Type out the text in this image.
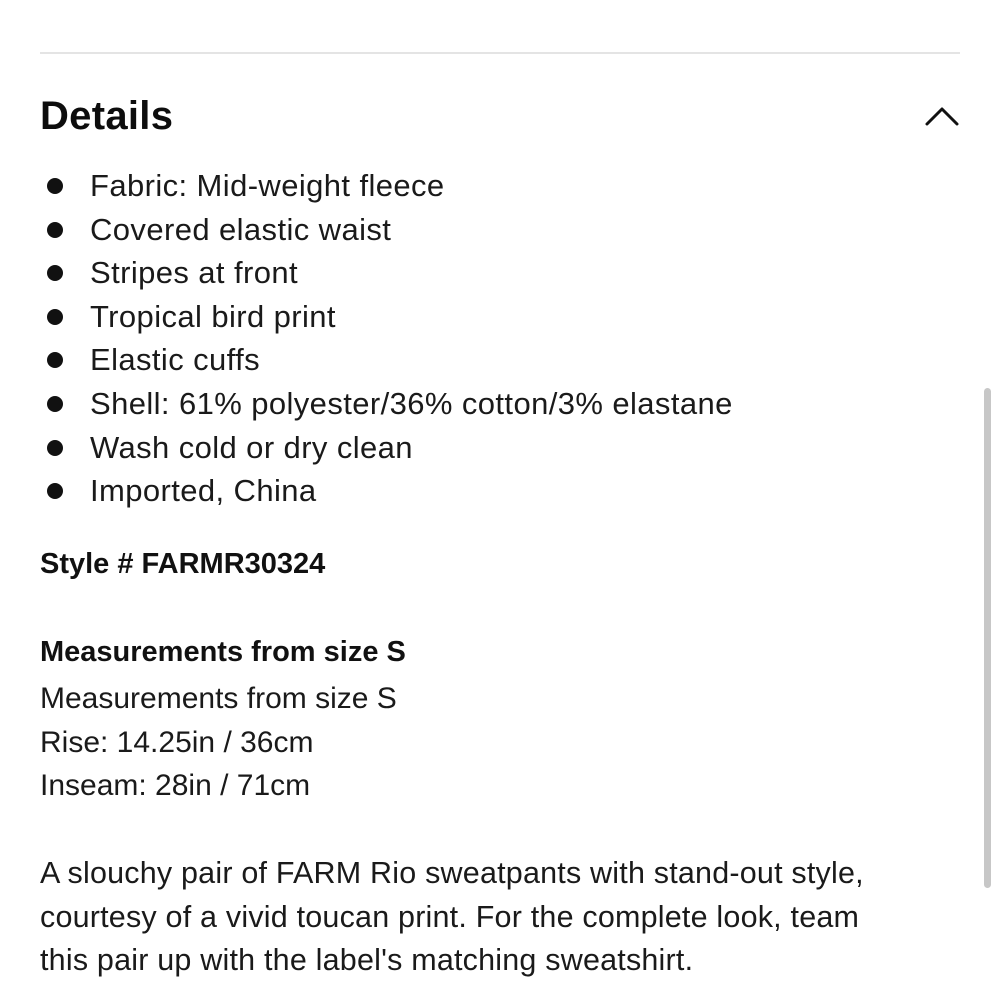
Details
Fabric: Mid-weight fleece
Covered elastic waist
Stripes at front
Tropical bird print
Elastic cuffs
Shell: 61% polyester/36% cotton/3% elastane
Wash cold or dry clean
Imported, China
Style # FARMR30324
Measurements from size S
Measurements from size S
Rise: 14.25in / 36cm
Inseam: 28in / 71cm
A slouchy pair of FARM Rio sweatpants with stand-out style,
courtesy of a vivid toucan print. For the complete look, team
this pair up with the label's matching sweatshirt.
